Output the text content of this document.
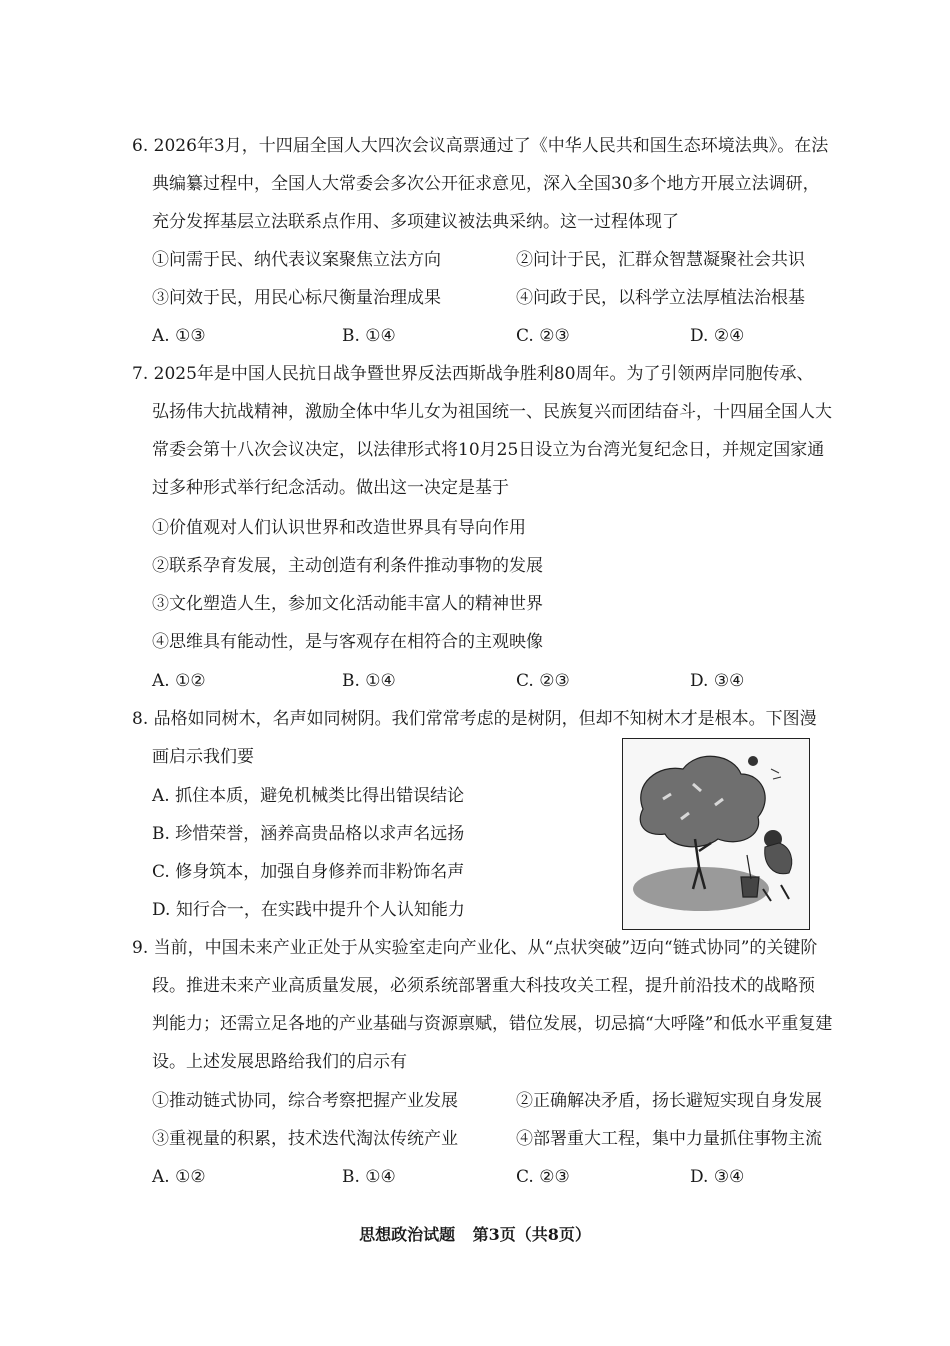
6. 2026年3月，十四届全国人大四次会议高票通过了《中华人民共和国生态环境法典》。在法
典编纂过程中，全国人大常委会多次公开征求意见，深入全国30多个地方开展立法调研，
充分发挥基层立法联系点作用、多项建议被法典采纳。这一过程体现了
①问需于民、纳代表议案聚焦立法方向	②问计于民，汇群众智慧凝聚社会共识
③问效于民，用民心标尺衡量治理成果	④问政于民，以科学立法厚植法治根基
A. ①③	B. ①④	C. ②③	D. ②④
7. 2025年是中国人民抗日战争暨世界反法西斯战争胜利80周年。为了引领两岸同胞传承、
弘扬伟大抗战精神，激励全体中华儿女为祖国统一、民族复兴而团结奋斗，十四届全国人大
常委会第十八次会议决定，以法律形式将10月25日设立为台湾光复纪念日，并规定国家通
过多种形式举行纪念活动。做出这一决定是基于
①价值观对人们认识世界和改造世界具有导向作用
②联系孕育发展，主动创造有利条件推动事物的发展
③文化塑造人生，参加文化活动能丰富人的精神世界
④思维具有能动性，是与客观存在相符合的主观映像
A. ①②	B. ①④	C. ②③	D. ③④
8. 品格如同树木，名声如同树阴。我们常常考虑的是树阴，但却不知树木才是根本。下图漫
画启示我们要
A. 抓住本质，避免机械类比得出错误结论
B. 珍惜荣誉，涵养高贵品格以求声名远扬
C. 修身筑本，加强自身修养而非粉饰名声
D. 知行合一，在实践中提升个人认知能力
9. 当前，中国未来产业正处于从实验室走向产业化、从“点状突破”迈向“链式协同”的关键阶
段。推进未来产业高质量发展，必须系统部署重大科技攻关工程，提升前沿技术的战略预
判能力；还需立足各地的产业基础与资源禀赋，错位发展，切忌搞“大呼隆”和低水平重复建
设。上述发展思路给我们的启示有
①推动链式协同，综合考察把握产业发展	②正确解决矛盾，扬长避短实现自身发展
③重视量的积累，技术迭代淘汰传统产业	④部署重大工程，集中力量抓住事物主流
A. ①②	B. ①④	C. ②③	D. ③④
思想政治试题 第3页（共8页）
